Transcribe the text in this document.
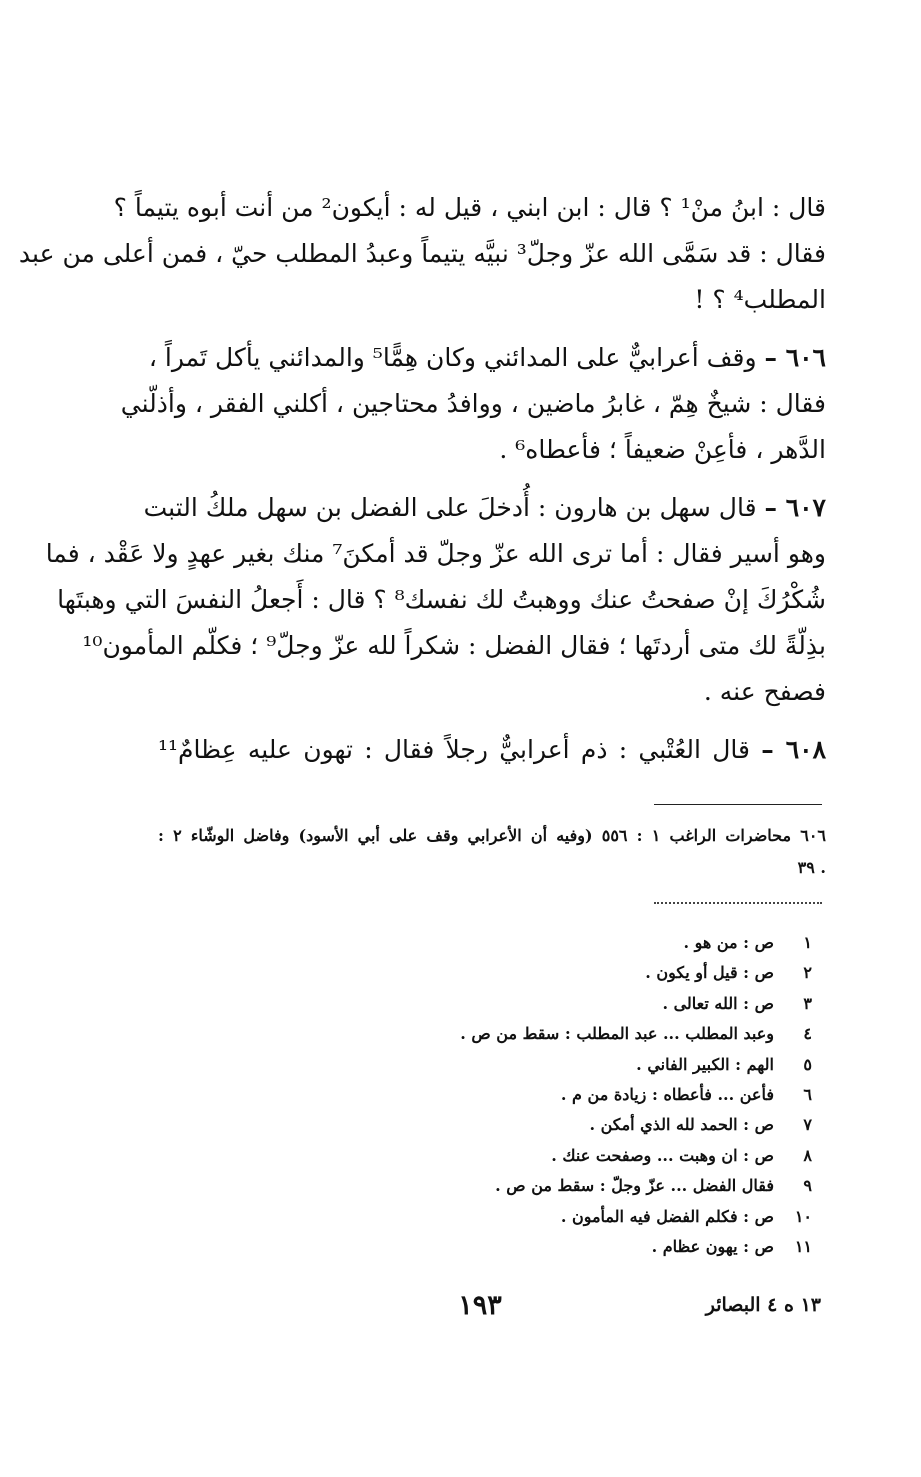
قال : ابنُ منْ¹ ؟ قال : ابن ابني ، قيل له : أيكون² من أنت أبوه يتيماً ؟
فقال : قد سَمَّى الله عزّ وجلّ³ نبيَّه يتيماً وعبدُ المطلب حيّ ، فمن أعلى من عبد
المطلب⁴ ؟ !
٦٠٦ – وقف أعرابيٌّ على المدائني وكان هِمًّا⁵ والمدائني يأكل تَمراً ،
فقال : شيخٌ هِمّ ، غابرُ ماضين ، ووافدُ محتاجين ، أكلني الفقر ، وأذلّني
الدَّهر ، فأعِنْ ضعيفاً ؛ فأعطاه⁶ .
٦٠٧ – قال سهل بن هارون : أُدخلَ على الفضل بن سهل ملكُ التبت
وهو أسير فقال : أما ترى الله عزّ وجلّ قد أمكنَ⁷ منك بغير عهدٍ ولا عَقْد ، فما
شُكْرُكَ إنْ صفحتُ عنك ووهبتُ لك نفسك⁸ ؟ قال : أَجعلُ النفسَ التي وهبتَها
بذِلّةً لك متى أردتَها ؛ فقال الفضل : شكراً لله عزّ وجلّ⁹ ؛ فكلّم المأمون¹⁰
فصفح عنه .
٦٠٨ – قال العُتْبي : ذم أعرابيٌّ رجلاً فقال : تهون عليه عِظامٌ¹¹
٦٠٦ محاضرات الراغب ١ : ٥٥٦ (وفيه أن الأعرابي وقف على أبي الأسود) وفاضل الوشّاء ٢ :
. ٣٩
١ص : من هو .
٢ص : قيل أو يكون .
٣ص : الله تعالى .
٤وعبد المطلب ... عبد المطلب : سقط من ص .
٥الهم : الكبير الفاني .
٦فأعن ... فأعطاه : زيادة من م .
٧ص : الحمد لله الذي أمكن .
٨ص : ان وهبت ... وصفحت عنك .
٩فقال الفضل ... عزّ وجلّ : سقط من ص .
١٠ص : فكلم الفضل فيه المأمون .
١١ص : يهون عظام .
١٩٣	١٣ ه ٤ البصائر
